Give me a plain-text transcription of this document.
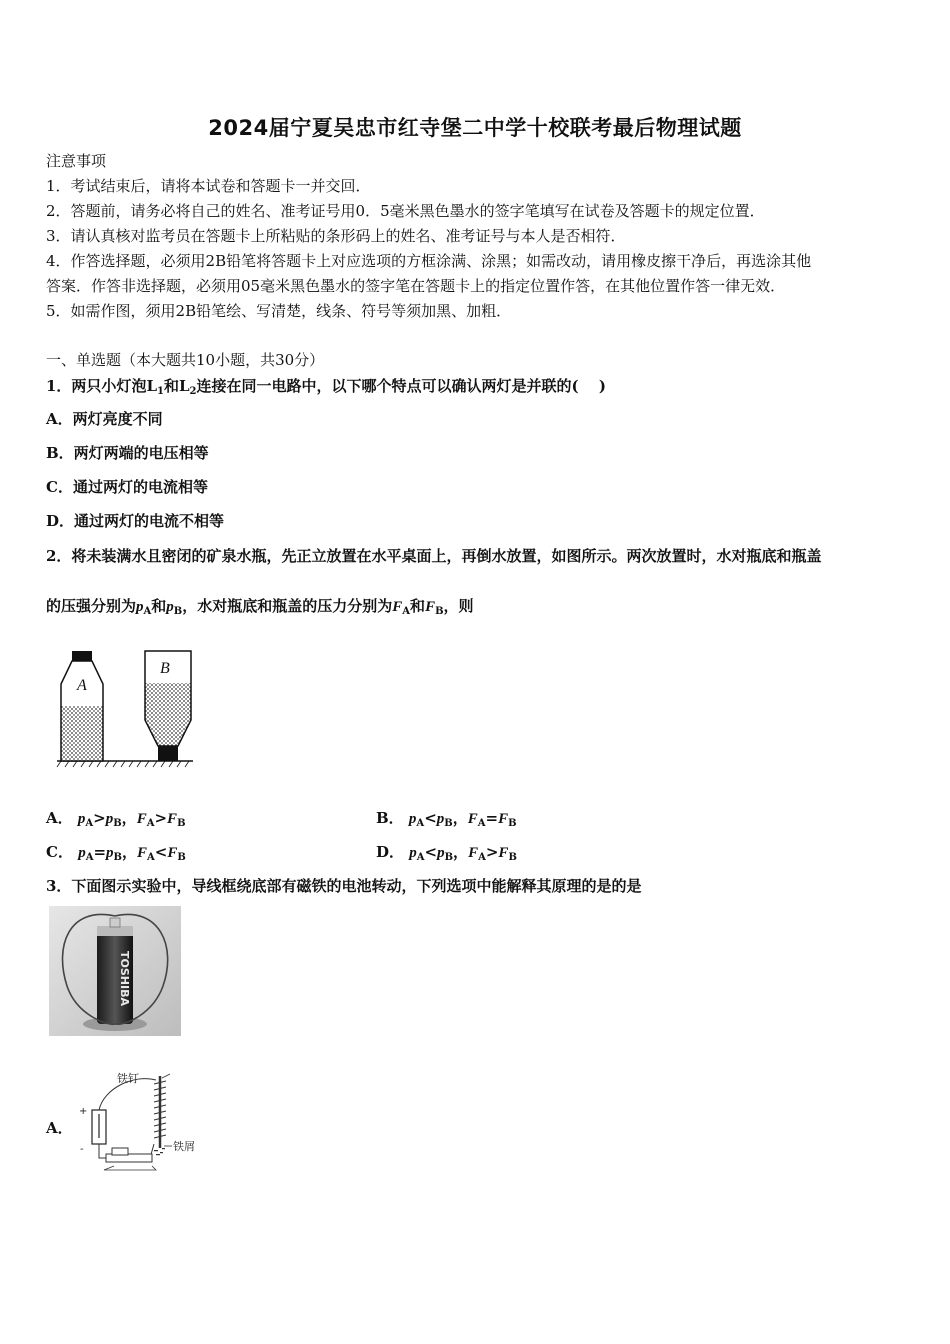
2024届宁夏吴忠市红寺堡二中学十校联考最后物理试题
注意事项
1．考试结束后，请将本试卷和答题卡一并交回．
2．答题前，请务必将自己的姓名、准考证号用0．5毫米黑色墨水的签字笔填写在试卷及答题卡的规定位置．
3．请认真核对监考员在答题卡上所粘贴的条形码上的姓名、准考证号与本人是否相符．
4．作答选择题，必须用2B铅笔将答题卡上对应选项的方框涂满、涂黑；如需改动，请用橡皮擦干净后，再选涂其他
答案．作答非选择题，必须用05毫米黑色墨水的签字笔在答题卡上的指定位置作答，在其他位置作答一律无效．
5．如需作图，须用2B铅笔绘、写清楚，线条、符号等须加黑、加粗．
一、单选题（本大题共10小题，共30分）
1．两只小灯泡$L_1$和$L_2$连接在同一电路中，以下哪个特点可以确认两灯是并联的(　 )
A．两灯亮度不同
B．两灯两端的电压相等
C．通过两灯的电流相等
D．通过两灯的电流不相等
2．将未装满水且密闭的矿泉水瓶，先正立放置在水平桌面上，再倒水放置，如图所示。两次放置时，水对瓶底和瓶盖
的压强分别为$p_A$和$p_B$，水对瓶底和瓶盖的压力分别为$F_A$和$F_B$，则
A
B
A． $p_A>p_B$，$F_A>F_B$	B． $p_A<p_B$，$F_A=F_B$
C． $p_A=p_B$，$F_A<F_B$	D． $p_A<p_B$，$F_A>F_B$
3．下面图示实验中，导线框绕底部有磁铁的电池转动，下列选项中能解释其原理的是的是
TOSHIBA
A．
+
-
铁钉
铁屑
